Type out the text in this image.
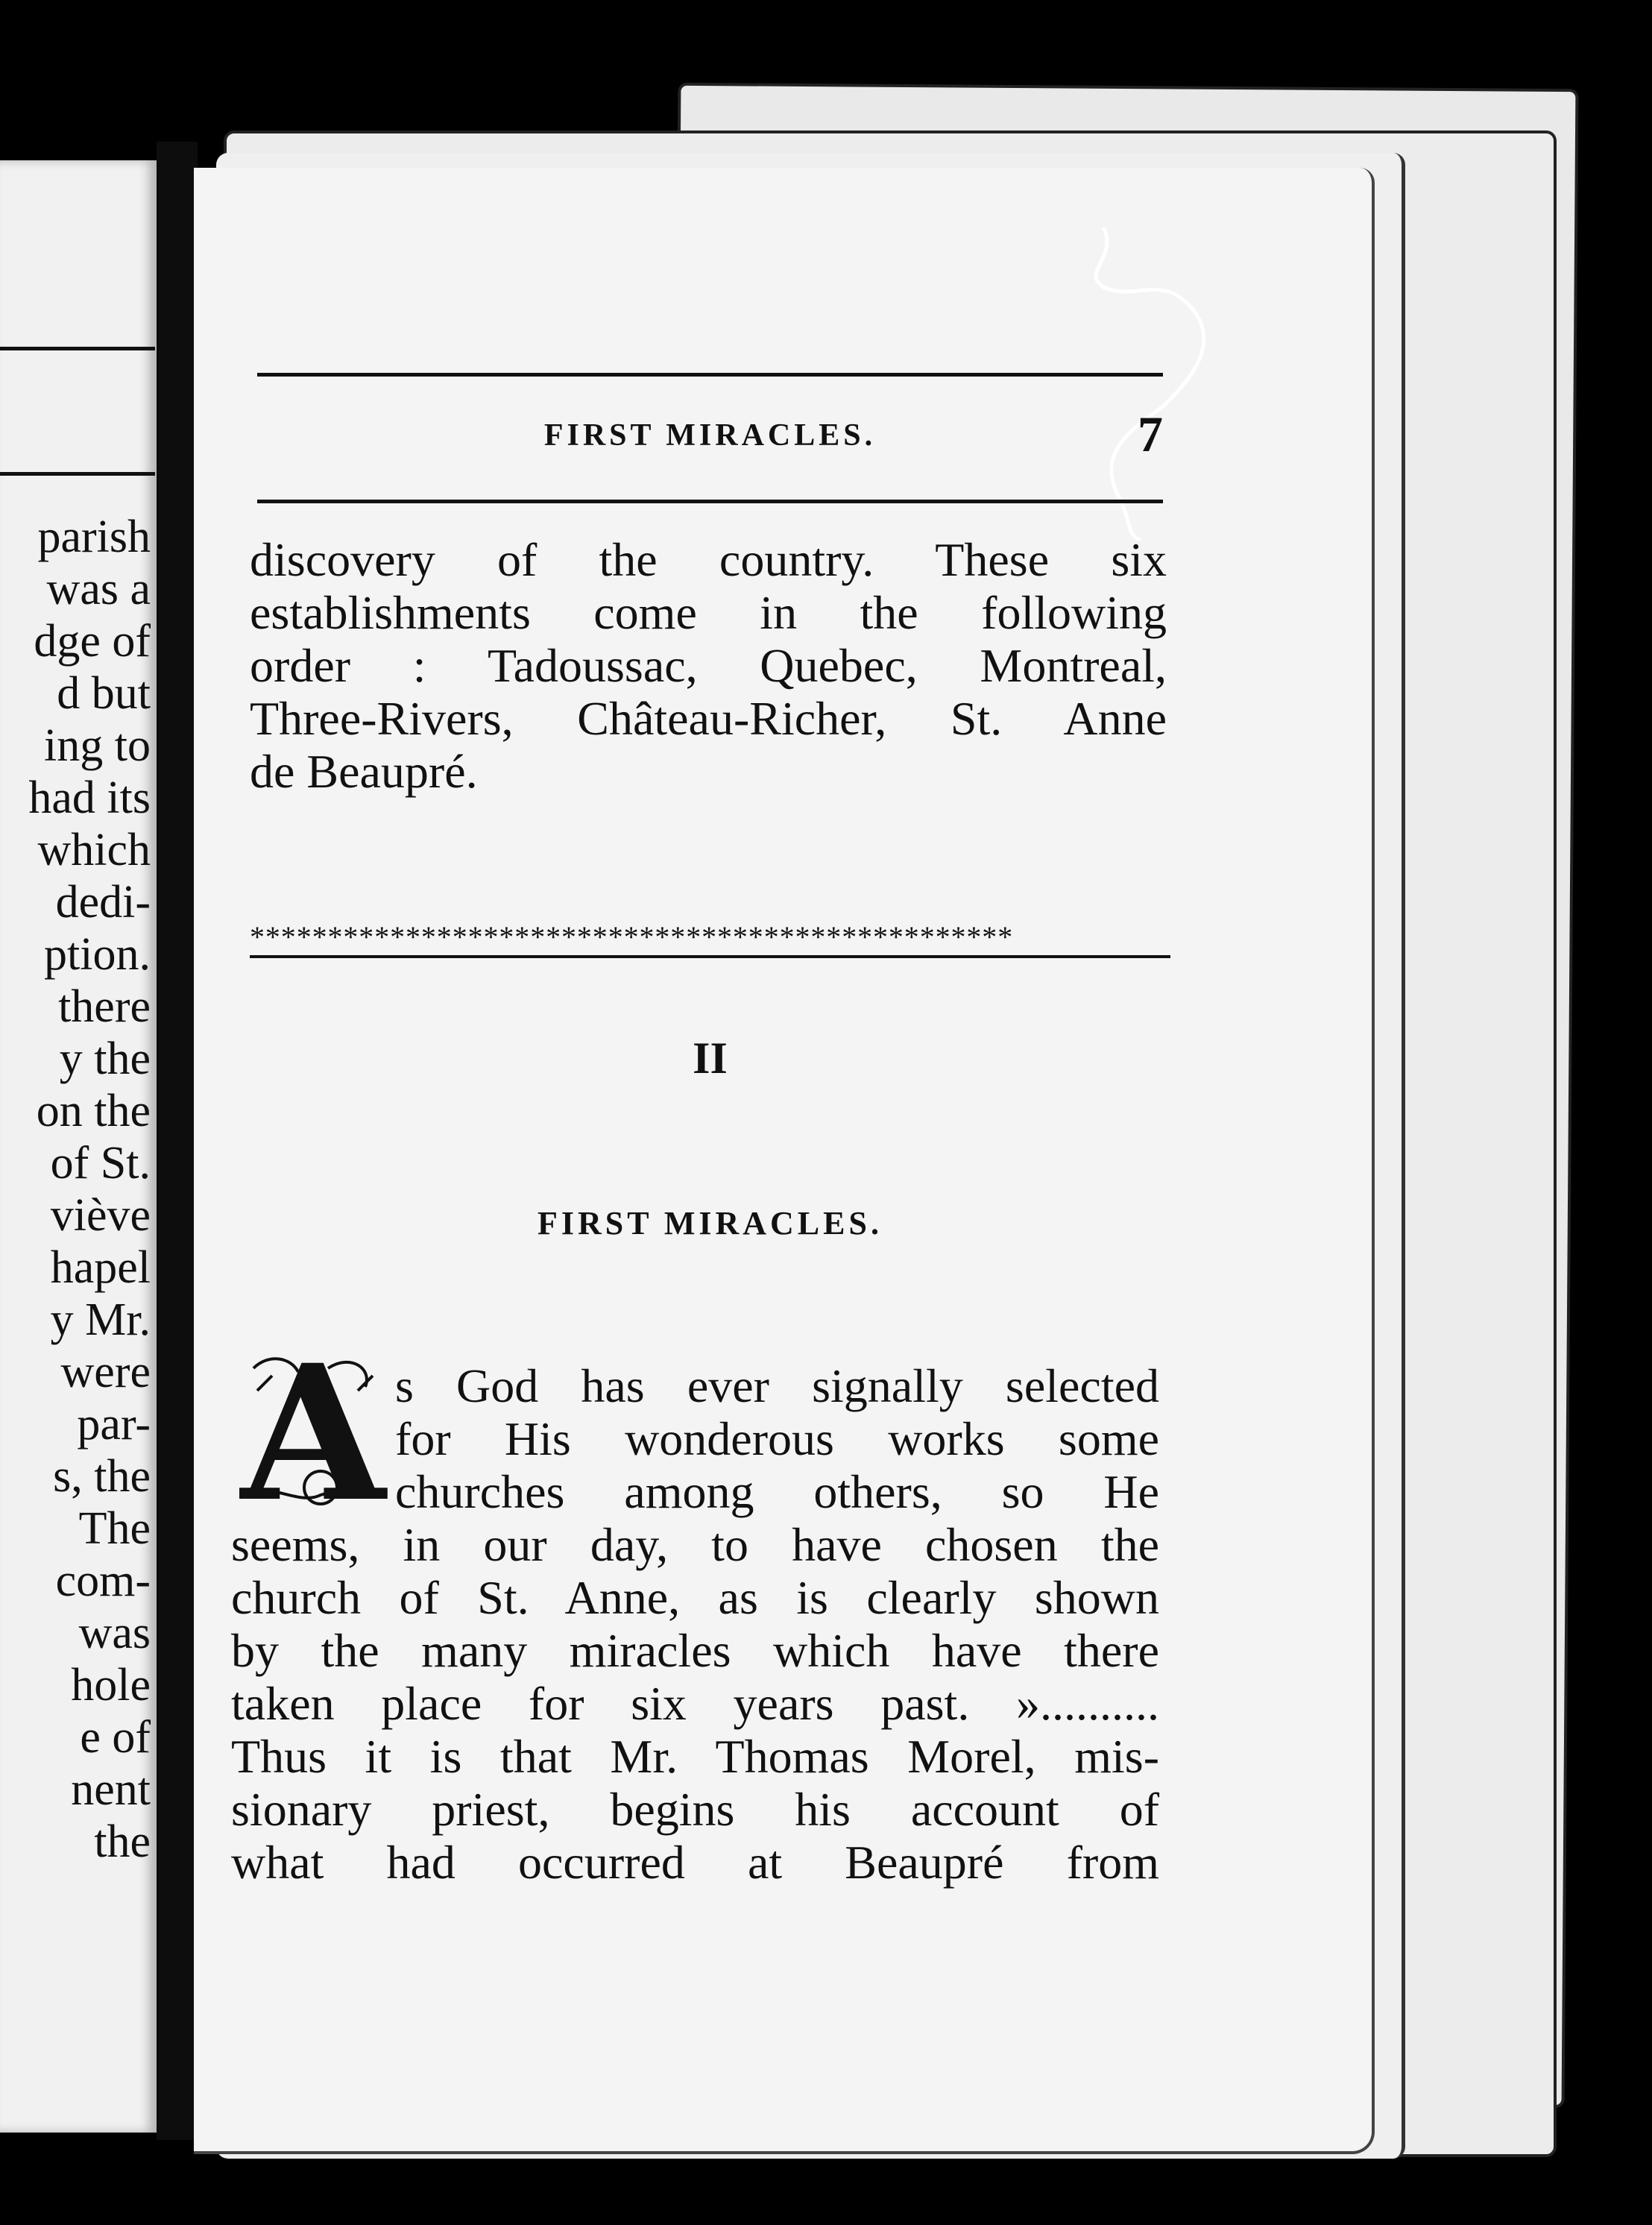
parish
was a
dge of
d but
ing to
had its
which
dedi-
ption.
there
y the
on the
of St.
viève
hapel
y Mr.
were
par-
s, the
The
com-
was
hole
e of
nent
the
FIRST MIRACLES.	7
discovery of the country. These six
establishments come in the following
order : Tadoussac, Quebec, Montreal,
Three-Rivers, Château-Richer, St. Anne
de Beaupré.
*************************************************
II
FIRST MIRACLES.
A s God has ever signally selected
for His wonderous works some
churches among others, so He
seems, in our day, to have chosen the
church of St. Anne, as is clearly shown
by the many miracles which have there
taken place for six years past. »..........
Thus it is that Mr. Thomas Morel, mis-
sionary priest, begins his account of
what had occurred at Beaupré from
